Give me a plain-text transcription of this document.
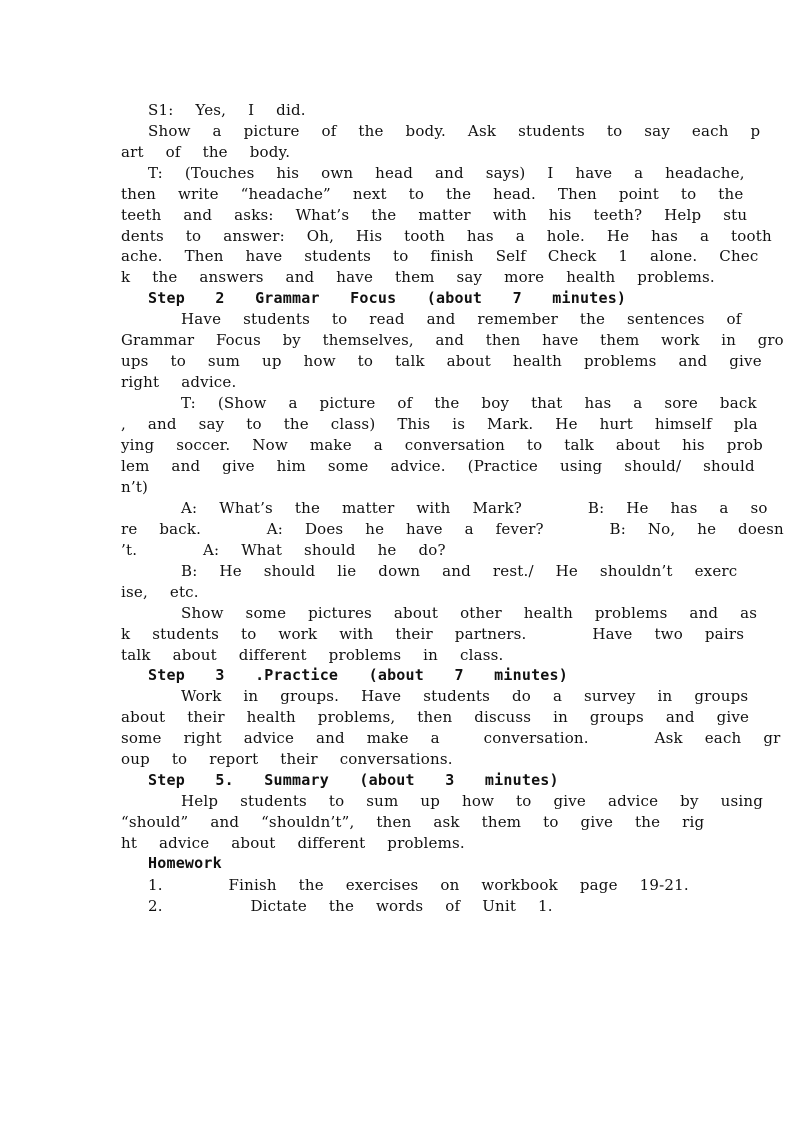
S1:  Yes,  I  did.
Show  a  picture  of  the  body.  Ask  students  to  say  each  p
art  of  the  body.
T:  (Touches  his  own  head  and  says)  I  have  a  headache,
then  write  “headache”  next  to  the  head.  Then  point  to  the
teeth  and  asks:  What’s  the  matter  with  his  teeth?  Help  stu
dents  to  answer:  Oh,  His  tooth  has  a  hole.  He  has  a  tooth
ache.  Then  have  students  to  finish  Self  Check  1  alone.  Chec
k  the  answers  and  have  them  say  more  health  problems.
Step  2  Grammar  Focus  (about  7  minutes)
Have  students  to  read  and  remember  the  sentences  of
Grammar  Focus  by  themselves,  and  then  have  them  work  in  gro
ups  to  sum  up  how  to  talk  about  health  problems  and  give
right  advice.
T:  (Show  a  picture  of  the  boy  that  has  a  sore  back
,  and  say  to  the  class)  This  is  Mark.  He  hurt  himself  pla
ying  soccer.  Now  make  a  conversation  to  talk  about  his  prob
lem  and  give  him  some  advice.  (Practice  using  should/  should
n’t)
A:  What’s  the  matter  with  Mark?      B:  He  has  a  so
re  back.      A:  Does  he  have  a  fever?      B:  No,  he  doesn
’t.      A:  What  should  he  do?
B:  He  should  lie  down  and  rest./  He  shouldn’t  exerc
ise,  etc.
Show  some  pictures  about  other  health  problems  and  as
k  students  to  work  with  their  partners.      Have  two  pairs
talk  about  different  problems  in  class.
Step  3  .Practice  (about  7  minutes)
Work  in  groups.  Have  students  do  a  survey  in  groups
about  their  health  problems,  then  discuss  in  groups  and  give
some  right  advice  and  make  a    conversation.      Ask  each  gr
oup  to  report  their  conversations.
Step  5.  Summary  (about  3  minutes)
Help  students  to  sum  up  how  to  give  advice  by  using
“should”  and  “shouldn’t”,  then  ask  them  to  give  the  rig
ht  advice  about  different  problems.
Homework
1.      Finish  the  exercises  on  workbook  page  19-21.
2.        Dictate  the  words  of  Unit  1.
